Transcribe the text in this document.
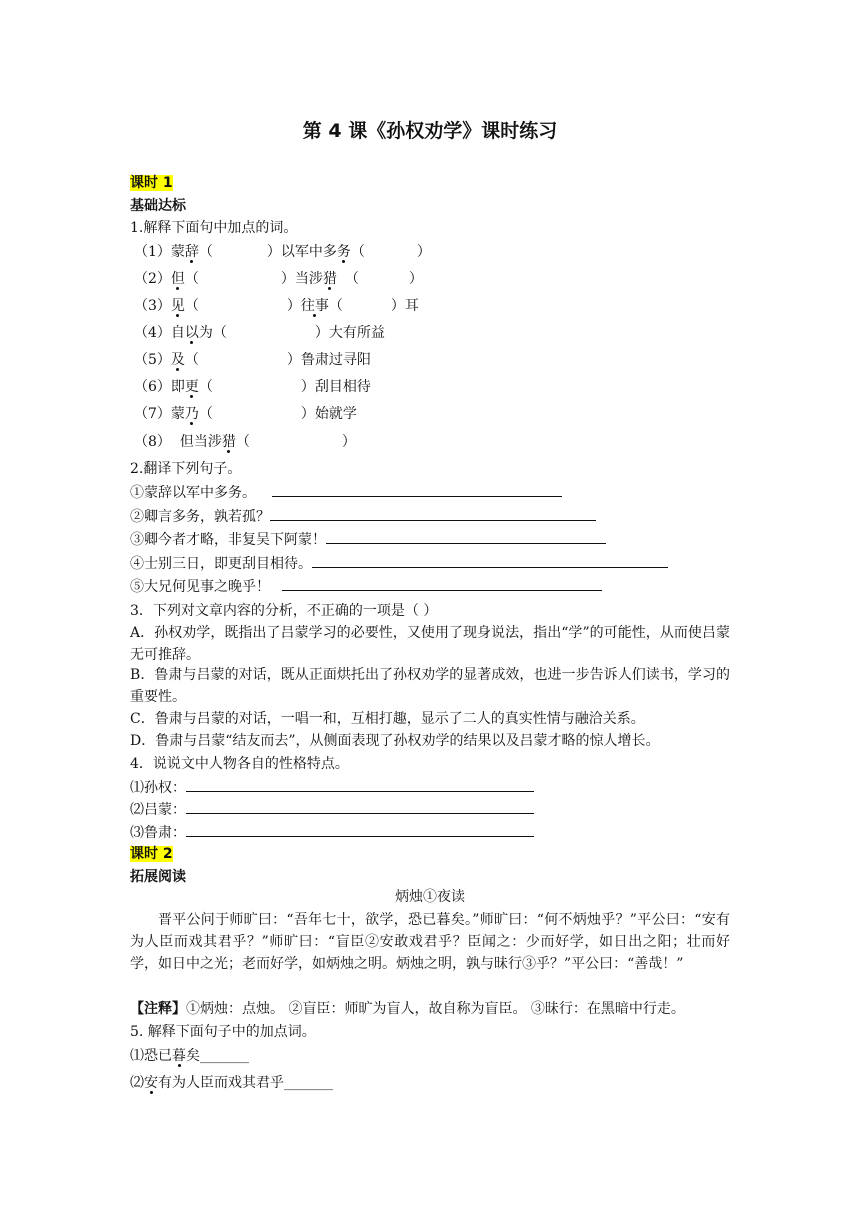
第 4 课《孙权劝学》课时练习
课时 1
基础达标
1.解释下面句中加点的词。
（1）蒙辞（	）以军中多务（	）
（2）但（	）当涉猎 （	）
（3）见（	）往事（	）耳
（4）自以为（	）大有所益
（5）及（	）鲁肃过寻阳
（6）即更（	）刮目相待
（7）蒙乃（	）始就学
（8）  但当涉猎（	）
2.翻译下列句子。
①蒙辞以军中多务。
②卿言多务，孰若孤？
③卿今者才略，非复吴下阿蒙！
④士别三日，即更刮目相待。
⑤大兄何见事之晚乎！
3．下列对文章内容的分析，不正确的一项是（ ）
A．孙权劝学，既指出了吕蒙学习的必要性，又使用了现身说法，指出“学”的可能性，从而使吕蒙无可推辞。
B．鲁肃与吕蒙的对话，既从正面烘托出了孙权劝学的显著成效，也进一步告诉人们读书，学习的重要性。
C．鲁肃与吕蒙的对话，一唱一和，互相打趣，显示了二人的真实性情与融洽关系。
D．鲁肃与吕蒙“结友而去”，从侧面表现了孙权劝学的结果以及吕蒙才略的惊人增长。
4．说说文中人物各自的性格特点。
⑴孙权：
⑵吕蒙：
⑶鲁肃：
课时 2
拓展阅读
炳烛①夜读
晋平公问于师旷曰：“吾年七十，欲学，恐已暮矣。”师旷曰：“何不炳烛乎？”平公曰：“安有为人臣而戏其君乎？”师旷曰：“盲臣②安敢戏君乎？臣闻之：少而好学，如日出之阳；壮而好学，如日中之光；老而好学，如炳烛之明。炳烛之明，孰与昧行③乎？”平公曰：“善哉！”
【注释】①炳烛：点烛。 ②盲臣：师旷为盲人，故自称为盲臣。 ③昧行：在黑暗中行走。
5. 解释下面句子中的加点词。
⑴恐已暮矣_______
⑵安有为人臣而戏其君乎_______
